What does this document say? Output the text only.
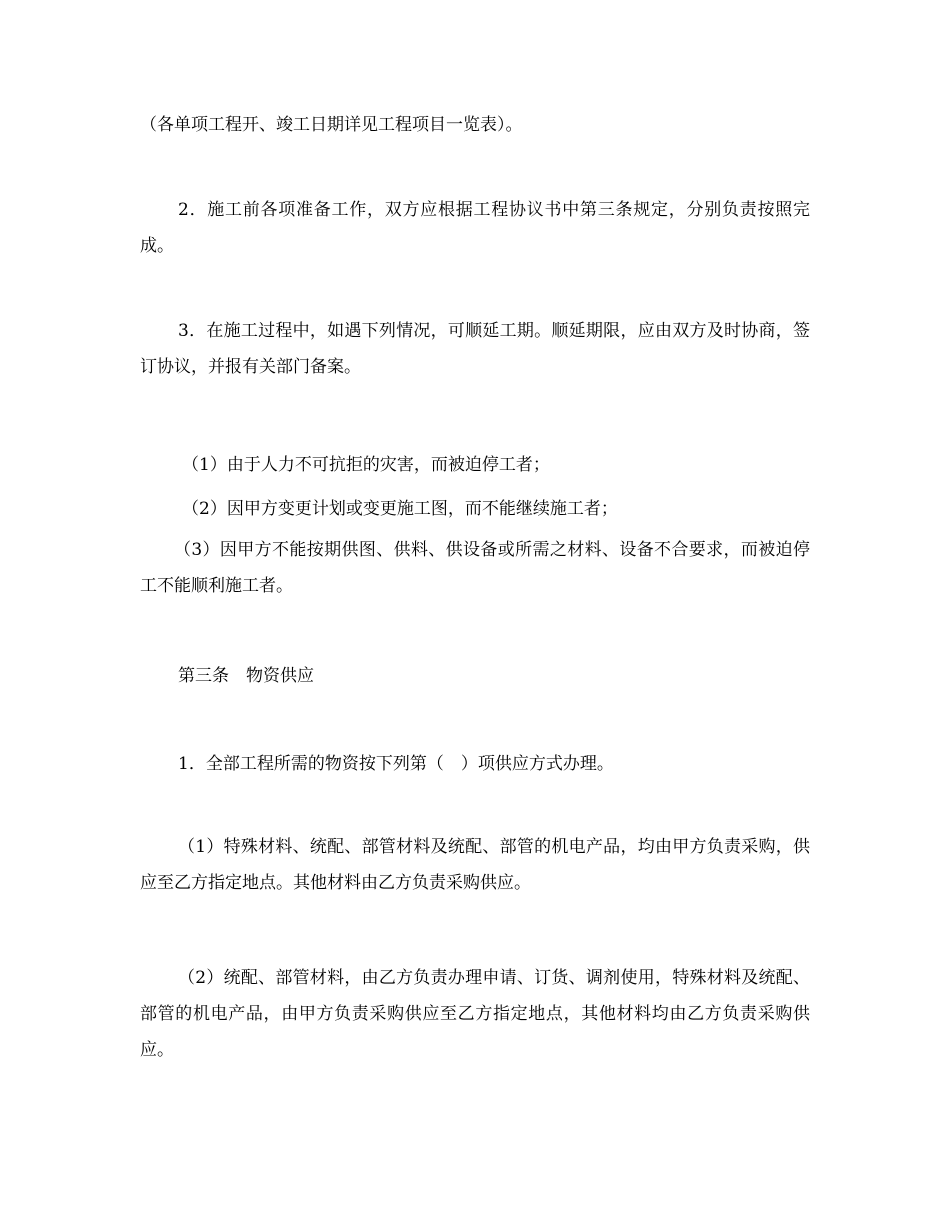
（各单项工程开、竣工日期详见工程项目一览表）。

2．施工前各项准备工作，双方应根据工程协议书中第三条规定，分别负责按照完成。

3．在施工过程中，如遇下列情况，可顺延工期。顺延期限，应由双方及时协商，签订协议，并报有关部门备案。

（1）由于人力不可抗拒的灾害，而被迫停工者；

（2）因甲方变更计划或变更施工图，而不能继续施工者；

（3）因甲方不能按期供图、供料、供设备或所需之材料、设备不合要求，而被迫停工不能顺利施工者。

第三条　物资供应

1．全部工程所需的物资按下列第（　）项供应方式办理。

（1）特殊材料、统配、部管材料及统配、部管的机电产品，均由甲方负责采购，供应至乙方指定地点。其他材料由乙方负责采购供应。

（2）统配、部管材料，由乙方负责办理申请、订货、调剂使用，特殊材料及统配、部管的机电产品，由甲方负责采购供应至乙方指定地点，其他材料均由乙方负责采购供应。
